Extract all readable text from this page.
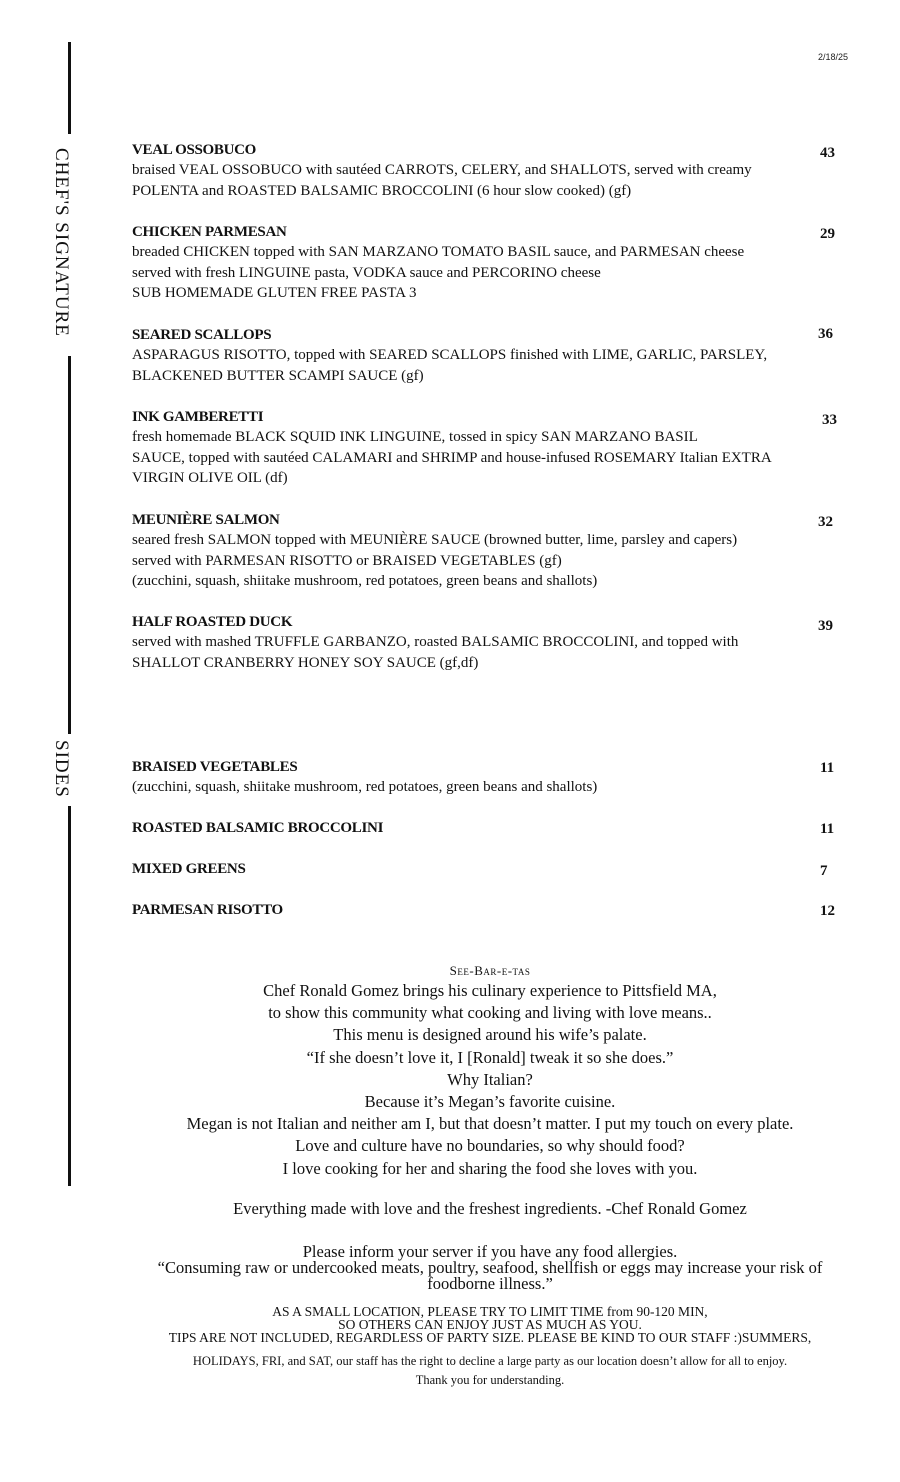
2/18/25
CHEF'S SIGNATURE
SIDES
VEAL OSSOBUCO
braised VEAL OSSOBUCO with sautéed CARROTS, CELERY, and SHALLOTS, served with creamy
POLENTA and ROASTED BALSAMIC BROCCOLINI (6 hour slow cooked) (gf)
43
CHICKEN PARMESAN
breaded CHICKEN topped with SAN MARZANO TOMATO BASIL sauce, and PARMESAN cheese
served with fresh LINGUINE pasta, VODKA sauce and PERCORINO cheese
SUB HOMEMADE GLUTEN FREE PASTA 3
29
SEARED SCALLOPS
ASPARAGUS RISOTTO, topped with SEARED SCALLOPS finished with LIME, GARLIC, PARSLEY,
BLACKENED BUTTER SCAMPI SAUCE (gf)
36
INK GAMBERETTI
fresh homemade BLACK SQUID INK LINGUINE, tossed in spicy SAN MARZANO BASIL
SAUCE, topped with sautéed CALAMARI and SHRIMP and house-infused ROSEMARY Italian EXTRA
VIRGIN OLIVE OIL (df)
33
MEUNIÈRE SALMON
seared fresh SALMON topped with MEUNIÈRE SAUCE (browned butter, lime, parsley and capers)
served with PARMESAN RISOTTO or BRAISED VEGETABLES (gf)
(zucchini, squash, shiitake mushroom, red potatoes, green beans and shallots)
32
HALF ROASTED DUCK
served with mashed TRUFFLE GARBANZO, roasted BALSAMIC BROCCOLINI, and topped with
SHALLOT CRANBERRY HONEY SOY SAUCE (gf,df)
39
BRAISED VEGETABLES
(zucchini, squash, shiitake mushroom, red potatoes, green beans and shallots)
11
ROASTED BALSAMIC BROCCOLINI	11
MIXED GREENS	7
PARMESAN RISOTTO	12
See-Bar-e-tas
Chef Ronald Gomez brings his culinary experience to Pittsfield MA,
to show this community what cooking and living with love means..
This menu is designed around his wife’s palate.
“If she doesn’t love it, I [Ronald] tweak it so she does.”
Why Italian?
Because it’s Megan’s favorite cuisine.
Megan is not Italian and neither am I, but that doesn’t matter. I put my touch on every plate.
Love and culture have no boundaries, so why should food?
I love cooking for her and sharing the food she loves with you.
Everything made with love and the freshest ingredients. -Chef Ronald Gomez
Please inform your server if you have any food allergies.
“Consuming raw or undercooked meats, poultry, seafood, shellfish or eggs may increase your risk of
foodborne illness.”
AS A SMALL LOCATION, PLEASE TRY TO LIMIT TIME from 90-120 MIN,
SO OTHERS CAN ENJOY JUST AS MUCH AS YOU.
TIPS ARE NOT INCLUDED, REGARDLESS OF PARTY SIZE. PLEASE BE KIND TO OUR STAFF :)SUMMERS,
HOLIDAYS, FRI, and SAT, our staff has the right to decline a large party as our location doesn’t allow for all to enjoy.
Thank you for understanding.
